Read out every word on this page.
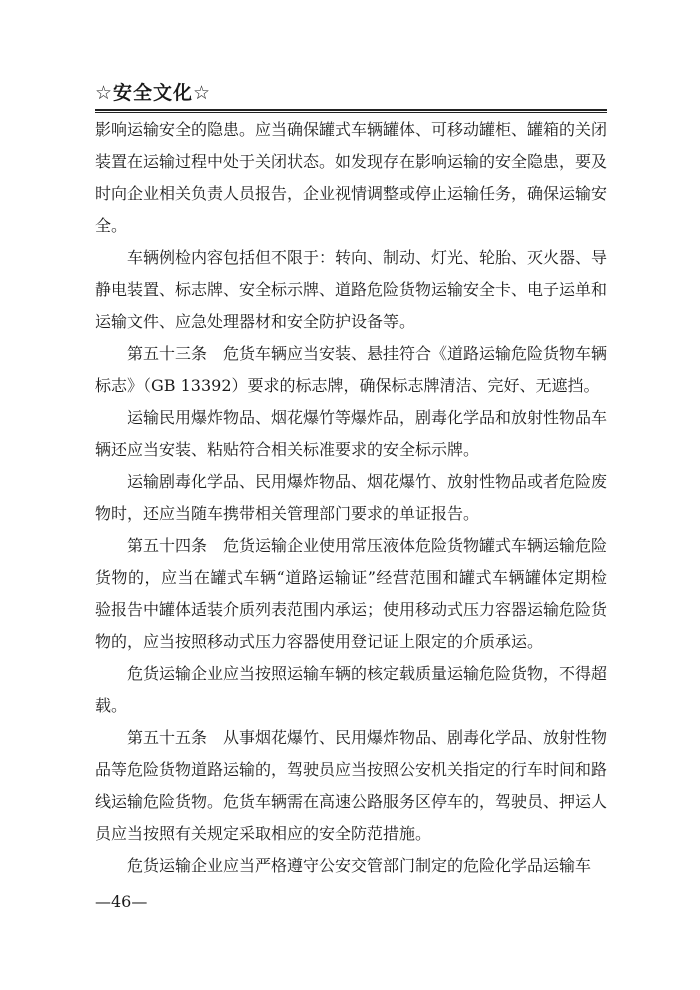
☆安全文化☆

影响运输安全的隐患。应当确保罐式车辆罐体、可移动罐柜、罐箱的关闭装置在运输过程中处于关闭状态。如发现存在影响运输的安全隐患，要及时向企业相关负责人员报告，企业视情调整或停止运输任务，确保运输安全。

车辆例检内容包括但不限于：转向、制动、灯光、轮胎、灭火器、导静电装置、标志牌、安全标示牌、道路危险货物运输安全卡、电子运单和运输文件、应急处理器材和安全防护设备等。

第五十三条　危货车辆应当安装、悬挂符合《道路运输危险货物车辆标志》（GB 13392）要求的标志牌，确保标志牌清洁、完好、无遮挡。

运输民用爆炸物品、烟花爆竹等爆炸品，剧毒化学品和放射性物品车辆还应当安装、粘贴符合相关标准要求的安全标示牌。

运输剧毒化学品、民用爆炸物品、烟花爆竹、放射性物品或者危险废物时，还应当随车携带相关管理部门要求的单证报告。

第五十四条　危货运输企业使用常压液体危险货物罐式车辆运输危险货物的，应当在罐式车辆“道路运输证”经营范围和罐式车辆罐体定期检验报告中罐体适装介质列表范围内承运；使用移动式压力容器运输危险货物的，应当按照移动式压力容器使用登记证上限定的介质承运。

危货运输企业应当按照运输车辆的核定载质量运输危险货物，不得超载。

第五十五条　从事烟花爆竹、民用爆炸物品、剧毒化学品、放射性物品等危险货物道路运输的，驾驶员应当按照公安机关指定的行车时间和路线运输危险货物。危货车辆需在高速公路服务区停车的，驾驶员、押运人员应当按照有关规定采取相应的安全防范措施。

危货运输企业应当严格遵守公安交管部门制定的危险化学品运输车

—46—
